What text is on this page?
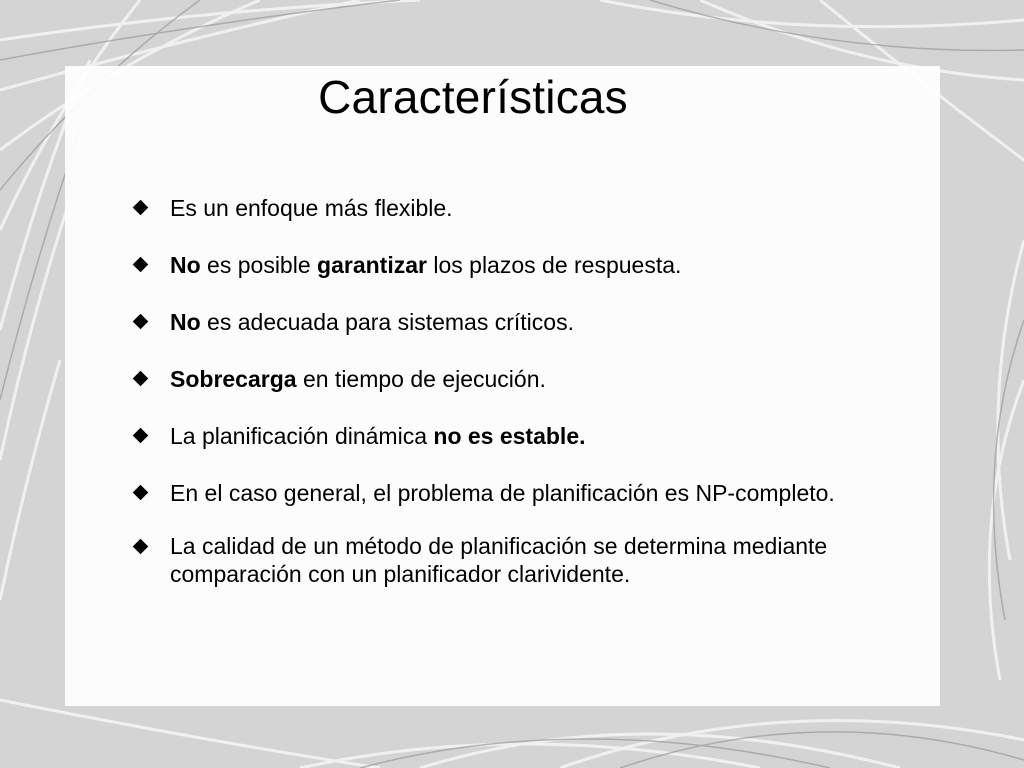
Características
Es un enfoque más flexible.
No es posible garantizar los plazos de respuesta.
No es adecuada para sistemas críticos.
Sobrecarga en tiempo de ejecución.
La planificación dinámica no es estable.
En el caso general, el problema de planificación es NP-completo.
La calidad de un método de planificación se determina mediante comparación con un planificador clarividente.
